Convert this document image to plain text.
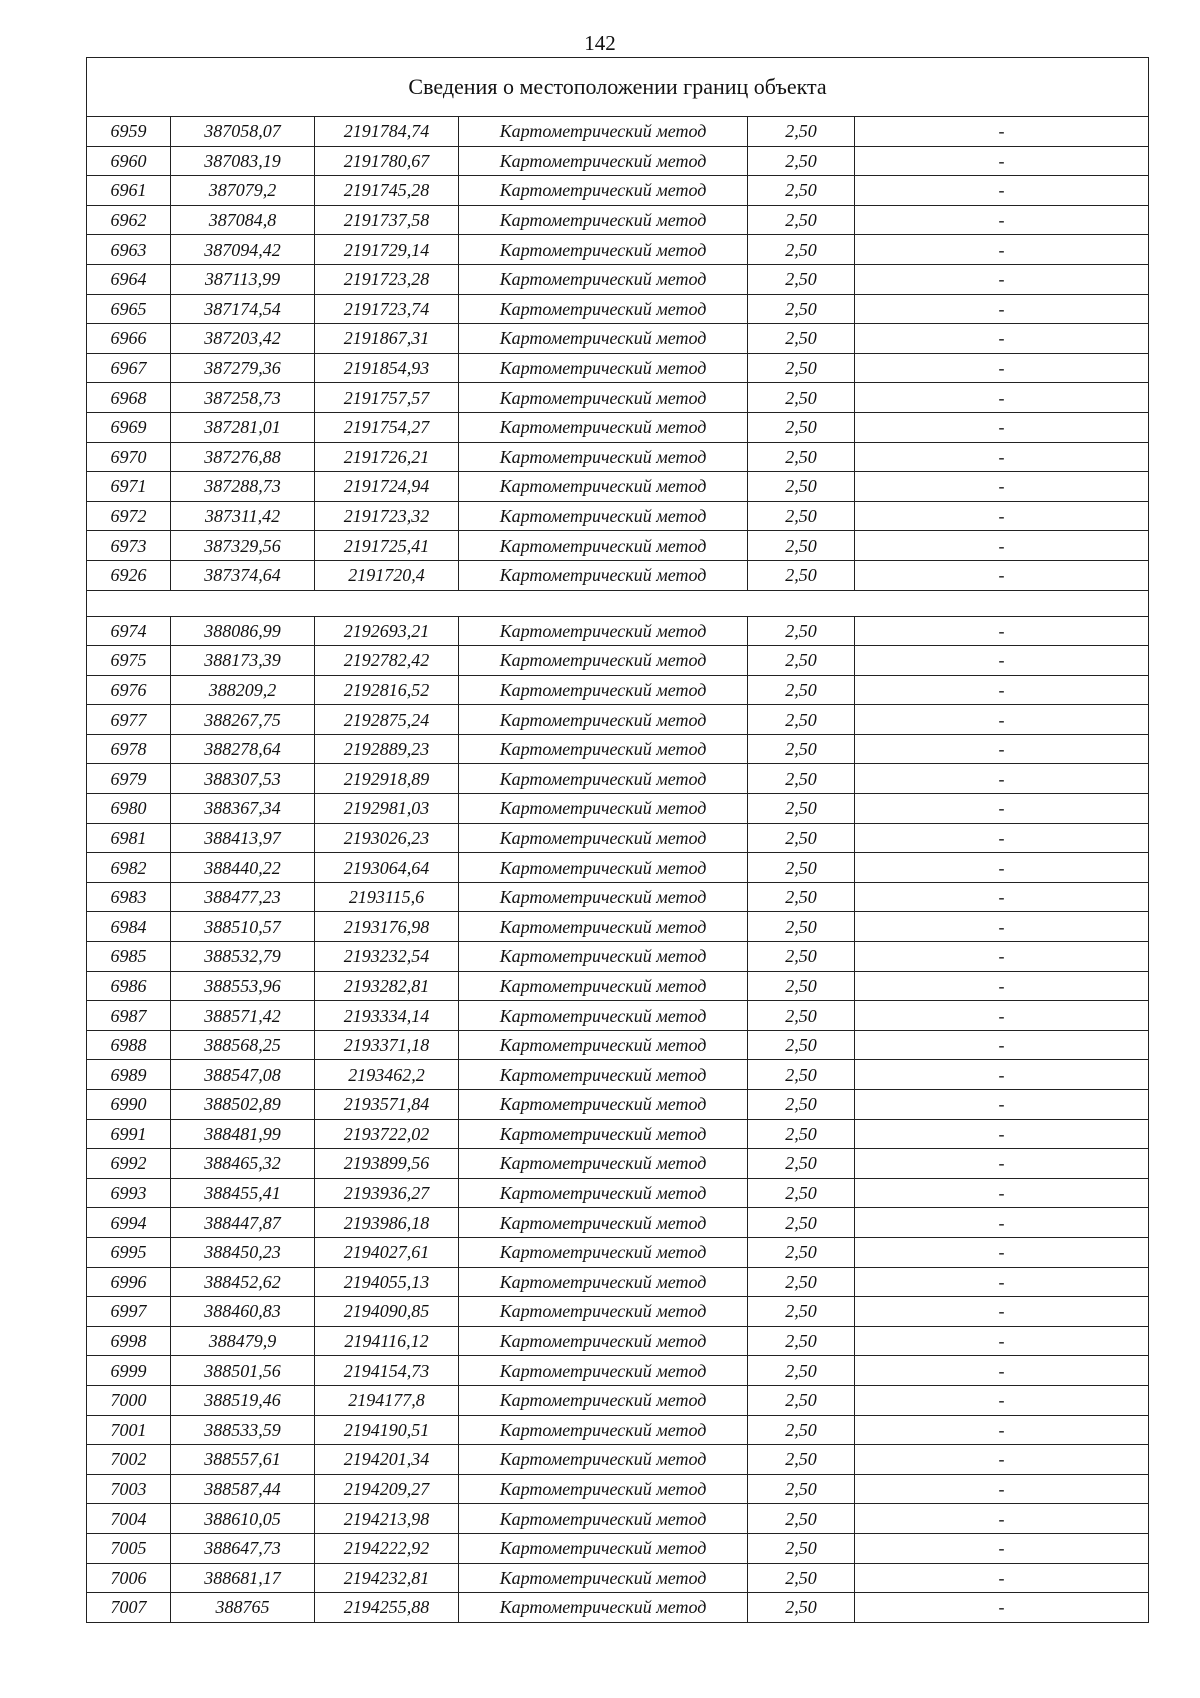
142
Сведения о местоположении границ объекта					
6959	387058,07	2191784,74	Картометрический метод	2,50	-
6960	387083,19	2191780,67	Картометрический метод	2,50	-
6961	387079,2	2191745,28	Картометрический метод	2,50	-
6962	387084,8	2191737,58	Картометрический метод	2,50	-
6963	387094,42	2191729,14	Картометрический метод	2,50	-
6964	387113,99	2191723,28	Картометрический метод	2,50	-
6965	387174,54	2191723,74	Картометрический метод	2,50	-
6966	387203,42	2191867,31	Картометрический метод	2,50	-
6967	387279,36	2191854,93	Картометрический метод	2,50	-
6968	387258,73	2191757,57	Картометрический метод	2,50	-
6969	387281,01	2191754,27	Картометрический метод	2,50	-
6970	387276,88	2191726,21	Картометрический метод	2,50	-
6971	387288,73	2191724,94	Картометрический метод	2,50	-
6972	387311,42	2191723,32	Картометрический метод	2,50	-
6973	387329,56	2191725,41	Картометрический метод	2,50	-
6926	387374,64	2191720,4	Картометрический метод	2,50	-

6974	388086,99	2192693,21	Картометрический метод	2,50	-
6975	388173,39	2192782,42	Картометрический метод	2,50	-
6976	388209,2	2192816,52	Картометрический метод	2,50	-
6977	388267,75	2192875,24	Картометрический метод	2,50	-
6978	388278,64	2192889,23	Картометрический метод	2,50	-
6979	388307,53	2192918,89	Картометрический метод	2,50	-
6980	388367,34	2192981,03	Картометрический метод	2,50	-
6981	388413,97	2193026,23	Картометрический метод	2,50	-
6982	388440,22	2193064,64	Картометрический метод	2,50	-
6983	388477,23	2193115,6	Картометрический метод	2,50	-
6984	388510,57	2193176,98	Картометрический метод	2,50	-
6985	388532,79	2193232,54	Картометрический метод	2,50	-
6986	388553,96	2193282,81	Картометрический метод	2,50	-
6987	388571,42	2193334,14	Картометрический метод	2,50	-
6988	388568,25	2193371,18	Картометрический метод	2,50	-
6989	388547,08	2193462,2	Картометрический метод	2,50	-
6990	388502,89	2193571,84	Картометрический метод	2,50	-
6991	388481,99	2193722,02	Картометрический метод	2,50	-
6992	388465,32	2193899,56	Картометрический метод	2,50	-
6993	388455,41	2193936,27	Картометрический метод	2,50	-
6994	388447,87	2193986,18	Картометрический метод	2,50	-
6995	388450,23	2194027,61	Картометрический метод	2,50	-
6996	388452,62	2194055,13	Картометрический метод	2,50	-
6997	388460,83	2194090,85	Картометрический метод	2,50	-
6998	388479,9	2194116,12	Картометрический метод	2,50	-
6999	388501,56	2194154,73	Картометрический метод	2,50	-
7000	388519,46	2194177,8	Картометрический метод	2,50	-
7001	388533,59	2194190,51	Картометрический метод	2,50	-
7002	388557,61	2194201,34	Картометрический метод	2,50	-
7003	388587,44	2194209,27	Картометрический метод	2,50	-
7004	388610,05	2194213,98	Картометрический метод	2,50	-
7005	388647,73	2194222,92	Картометрический метод	2,50	-
7006	388681,17	2194232,81	Картометрический метод	2,50	-
7007	388765	2194255,88	Картометрический метод	2,50	-
